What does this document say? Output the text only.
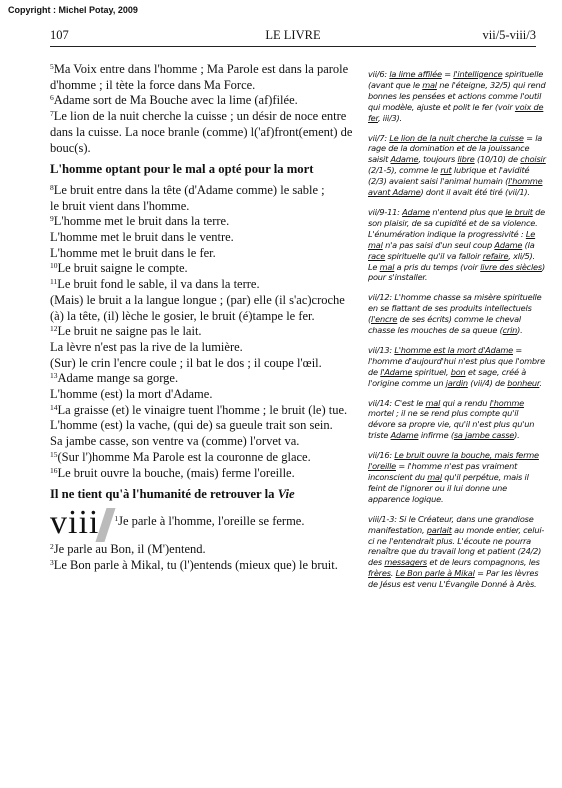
Copyright : Michel Potay, 2009
107	LE LIVRE	vii/5-viii/3

$^5$Ma Voix entre dans l'homme ; Ma Parole est dans la parole d'homme ; il tète la force dans Ma Force.

$^6$Adame sort de Ma Bouche avec la lime (af)filée.

$^7$Le lion de la nuit cherche la cuisse ; un désir de noce entre dans la cuisse. La noce branle (comme) l('af)front(ement) de bouc(s).

L'homme optant pour le mal a opté pour la mort

$^8$Le bruit entre dans la tête (d'Adame comme) le sable ;

le bruit vient dans l'homme.

$^9$L'homme met le bruit dans la terre.

L'homme met le bruit dans le ventre.

L'homme met le bruit dans le fer.

$^{10}$Le bruit saigne le compte.

$^{11}$Le bruit fond le sable, il va dans la terre.

(Mais) le bruit a la langue longue ; (par) elle (il s'ac)croche (à) la tête, (il) lèche le gosier, le bruit (é)tampe le fer.

$^{12}$Le bruit ne saigne pas le lait.

La lèvre n'est pas la rive de la lumière.

(Sur) le crin l'encre coule ; il bat le dos ; il coupe l'œil.

$^{13}$Adame mange sa gorge.

L'homme (est) la mort d'Adame.

$^{14}$La graisse (et) le vinaigre tuent l'homme ; le bruit (le) tue.

L'homme (est) la vache, (qui de) sa gueule trait son sein.

Sa jambe casse, son ventre va (comme) l'orvet va.

$^{15}$(Sur l')homme Ma Parole est la couronne de glace.

$^{16}$Le bruit ouvre la bouche, (mais) ferme l'oreille.

Il ne tient qu'à l'humanité de retrouver la Vie
viii	$^1$Je parle à l'homme, l'oreille se ferme.

$^2$Je parle au Bon, il (M')entend.

$^3$Le Bon parle à Mikal, tu (l')entends (mieux que) le bruit.

vii/6: la lime affilée = l'intelligence spirituelle (avant que le mal ne l'éteigne, 32/5) qui rend bonnes les pensées et actions comme l'outil qui modèle, ajuste et polit le fer (voir voix de fer, iii/3).
vii/7: Le lion de la nuit cherche la cuisse = la rage de la domination et de la jouissance saisit Adame, toujours libre (10/10) de choisir (2/1-5), comme le rut lubrique et l'avidité (2/3) avaient saisi l'animal humain (l'homme avant Adame) dont il avait été tiré (vii/1).
vii/9-11: Adame n'entend plus que le bruit de son plaisir, de sa cupidité et de sa violence. L'énumération indique la progressivité : Le mal n'a pas saisi d'un seul coup Adame (la race spirituelle qu'il va falloir refaire, xli/5). Le mal a pris du temps (voir livre des siècles) pour s'installer.
vii/12: L'homme chasse sa misère spirituelle en se flattant de ses produits intellectuels (l'encre de ses écrits) comme le cheval chasse les mouches de sa queue (crin).
vii/13: L'homme est la mort d'Adame = l'homme d'aujourd'hui n'est plus que l'ombre de l'Adame spirituel, bon et sage, créé à l'origine comme un jardin (vii/4) de bonheur.
vii/14: C'est le mal qui a rendu l'homme mortel ; il ne se rend plus compte qu'il dévore sa propre vie, qu'il n'est plus qu'un triste Adame infirme (sa jambe casse).
vii/16: Le bruit ouvre la bouche, mais ferme l'oreille = l'homme n'est pas vraiment inconscient du mal qu'il perpétue, mais il feint de l'ignorer ou il lui donne une apparence logique.
viii/1-3: Si le Créateur, dans une grandiose manifestation, parlait au monde entier, celui-ci ne l'entendrait plus. L'écoute ne pourra renaître que du travail long et patient (24/2) des messagers et de leurs compagnons, les frères. Le Bon parle à Mikal = Par les lèvres de Jésus est venu L'Évangile Donné à Arès.
